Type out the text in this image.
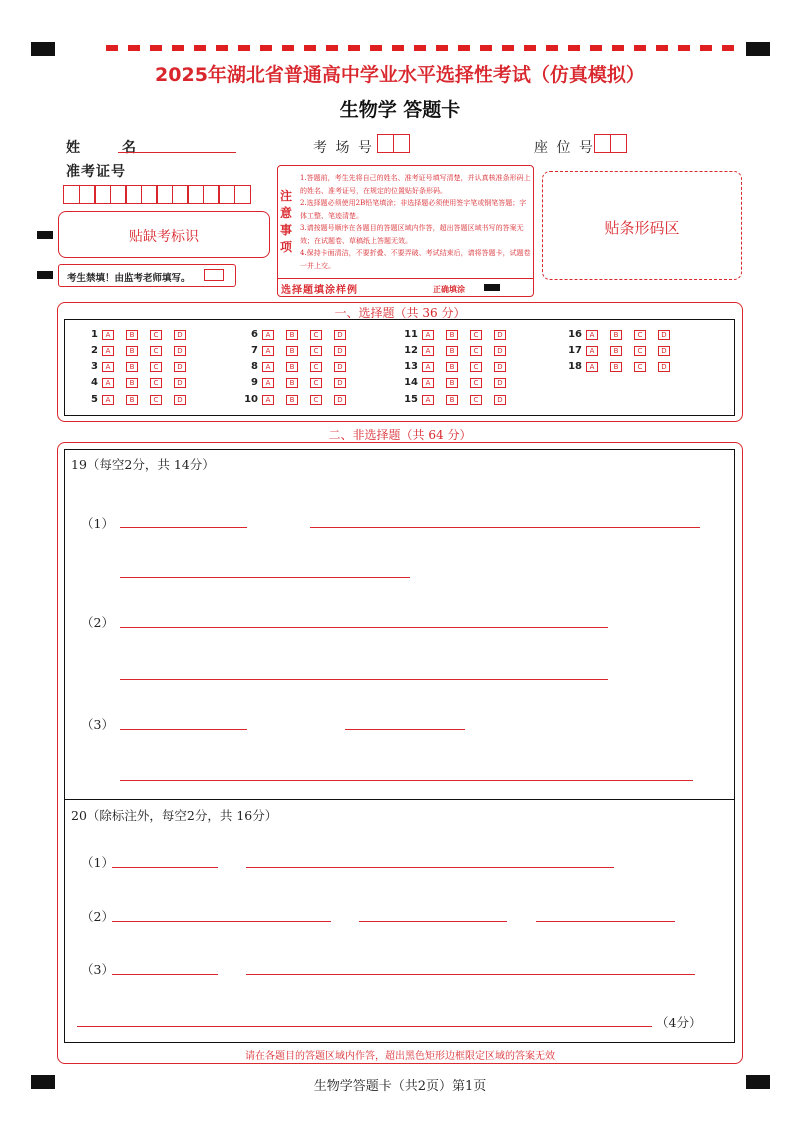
2025年湖北省普通高中学业水平选择性考试（仿真模拟）
生物学 答题卡
姓　名	考 场 号	座 位 号
准考证号
贴缺考标识
考生禁填！由监考老师填写。
注意事项
1.答题前，考生先将自己的姓名、准考证号填写清楚，并认真核准条形码上的姓名、准考证号，在规定的位置贴好条形码。
2.选择题必须使用2B铅笔填涂；非选择题必须使用签字笔或钢笔答题；字体工整、笔迹清楚。
3.请按题号顺序在各题目的答题区域内作答，超出答题区域书写的答案无效；在试题卷、草稿纸上答题无效。
4.保持卡面清洁，不要折叠、不要弄破、考试结束后，请将答题卡，试题卷一并上交。
选择题填涂样例	正确填涂
贴条形码区
一、选择题（共 36 分）
1	A	B	C	D
2	A	B	C	D
3	A	B	C	D
4	A	B	C	D
5	A	B	C	D
6	A	B	C	D
7	A	B	C	D
8	A	B	C	D
9	A	B	C	D
10	A	B	C	D
11	A	B	C	D
12	A	B	C	D
13	A	B	C	D
14	A	B	C	D
15	A	B	C	D
16	A	B	C	D
17	A	B	C	D
18	A	B	C	D
二、非选择题（共 64 分）
19（每空2分，共 14分）
（1）
（2）
（3）
20（除标注外，每空2分，共 16分）
（1）
（2）
（3）
（4分）
请在各题目的答题区域内作答，超出黑色矩形边框限定区域的答案无效
生物学答题卡（共2页）第1页
